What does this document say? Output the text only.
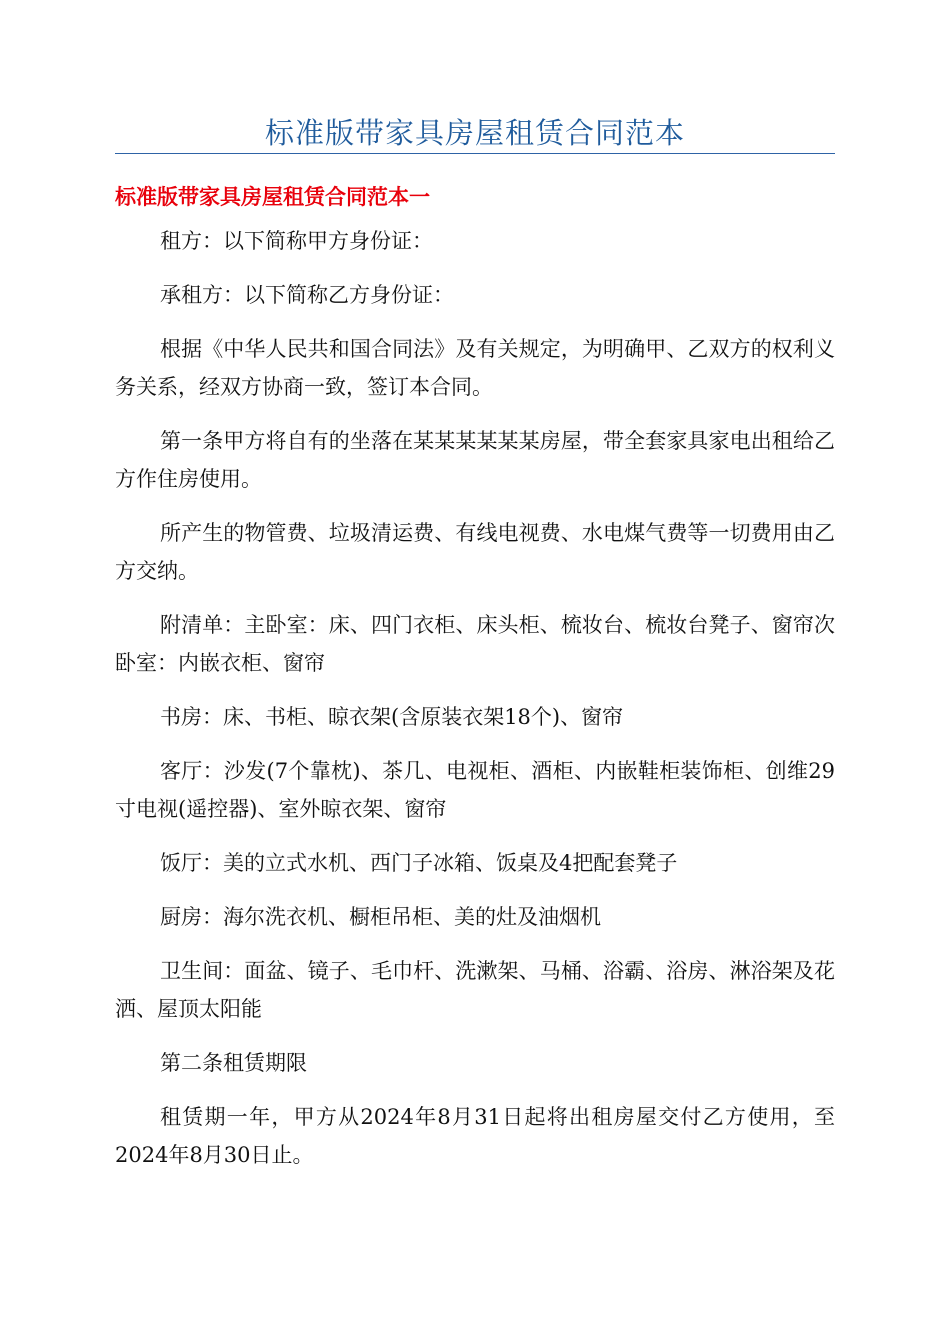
标准版带家具房屋租赁合同范本
标准版带家具房屋租赁合同范本一

租方：以下简称甲方身份证：

承租方：以下简称乙方身份证：

根据《中华人民共和国合同法》及有关规定，为明确甲、乙双方的权利义务关系，经双方协商一致，签订本合同。

第一条甲方将自有的坐落在某某某某某某房屋，带全套家具家电出租给乙方作住房使用。

所产生的物管费、垃圾清运费、有线电视费、水电煤气费等一切费用由乙方交纳。

附清单：主卧室：床、四门衣柜、床头柜、梳妆台、梳妆台凳子、窗帘次卧室：内嵌衣柜、窗帘

书房：床、书柜、晾衣架(含原装衣架18个)、窗帘

客厅：沙发(7个靠枕)、茶几、电视柜、酒柜、内嵌鞋柜装饰柜、创维29寸电视(遥控器)、室外晾衣架、窗帘

饭厅：美的立式水机、西门子冰箱、饭桌及4把配套凳子

厨房：海尔洗衣机、橱柜吊柜、美的灶及油烟机

卫生间：面盆、镜子、毛巾杆、洗漱架、马桶、浴霸、浴房、淋浴架及花洒、屋顶太阳能

第二条租赁期限

租赁期一年，甲方从2024年8月31日起将出租房屋交付乙方使用，至2024年8月30日止。
